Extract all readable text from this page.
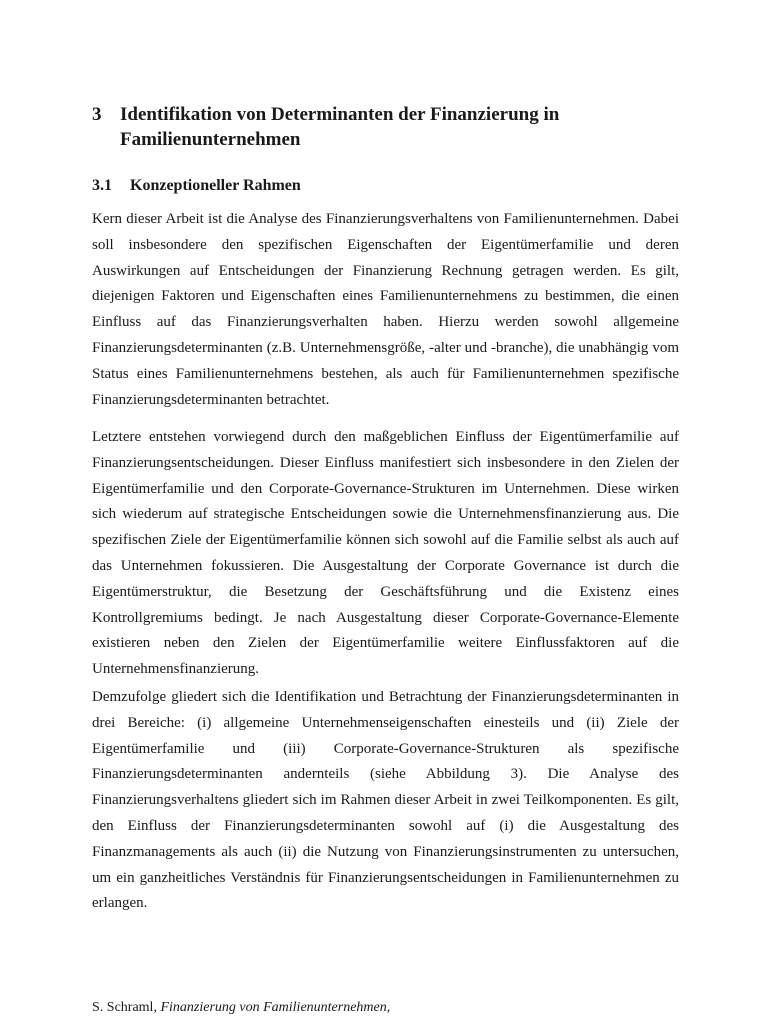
3 Identifikation von Determinanten der Finanzierung in Familienunternehmen
3.1	Konzeptioneller Rahmen

Kern dieser Arbeit ist die Analyse des Finanzierungsverhaltens von Familienunternehmen. Dabei soll insbesondere den spezifischen Eigenschaften der Eigentümerfamilie und deren Auswirkungen auf Entscheidungen der Finanzierung Rechnung getragen werden. Es gilt, diejenigen Faktoren und Eigenschaften eines Familienunternehmens zu bestimmen, die einen Einfluss auf das Finanzierungsverhalten haben. Hierzu werden sowohl allgemeine Finanzierungsdeterminanten (z.B. Unternehmensgröße, -alter und -branche), die unabhängig vom Status eines Familienunternehmens bestehen, als auch für Familienunternehmen spezifische Finanzierungsdeterminanten betrachtet.

Letztere entstehen vorwiegend durch den maßgeblichen Einfluss der Eigentümerfamilie auf Finanzierungsentscheidungen. Dieser Einfluss manifestiert sich insbesondere in den Zielen der Eigentümerfamilie und den Corporate-Governance-Strukturen im Unternehmen. Diese wirken sich wiederum auf strategische Entscheidungen sowie die Unternehmensfinanzierung aus. Die spezifischen Ziele der Eigentümerfamilie können sich sowohl auf die Familie selbst als auch auf das Unternehmen fokussieren. Die Ausgestaltung der Corporate Governance ist durch die Eigentümerstruktur, die Besetzung der Geschäftsführung und die Existenz eines Kontrollgremiums bedingt. Je nach Ausgestaltung dieser Corporate-Governance-Elemente existieren neben den Zielen der Eigentümerfamilie weitere Einflussfaktoren auf die Unternehmensfinanzierung.

Demzufolge gliedert sich die Identifikation und Betrachtung der Finanzierungsdeterminanten in drei Bereiche: (i) allgemeine Unternehmenseigenschaften einesteils und (ii) Ziele der Eigentümerfamilie und (iii) Corporate-Governance-Strukturen als spezifische Finanzierungsdeterminanten andernteils (siehe Abbildung 3). Die Analyse des Finanzierungsverhaltens gliedert sich im Rahmen dieser Arbeit in zwei Teilkomponenten. Es gilt, den Einfluss der Finanzierungsdeterminanten sowohl auf (i) die Ausgestaltung des Finanzmanagements als auch (ii) die Nutzung von Finanzierungsinstrumenten zu untersuchen, um ein ganzheitliches Verständnis für Finanzierungsentscheidungen in Familienunternehmen zu erlangen.

S. Schraml, Finanzierung von Familienunternehmen,
